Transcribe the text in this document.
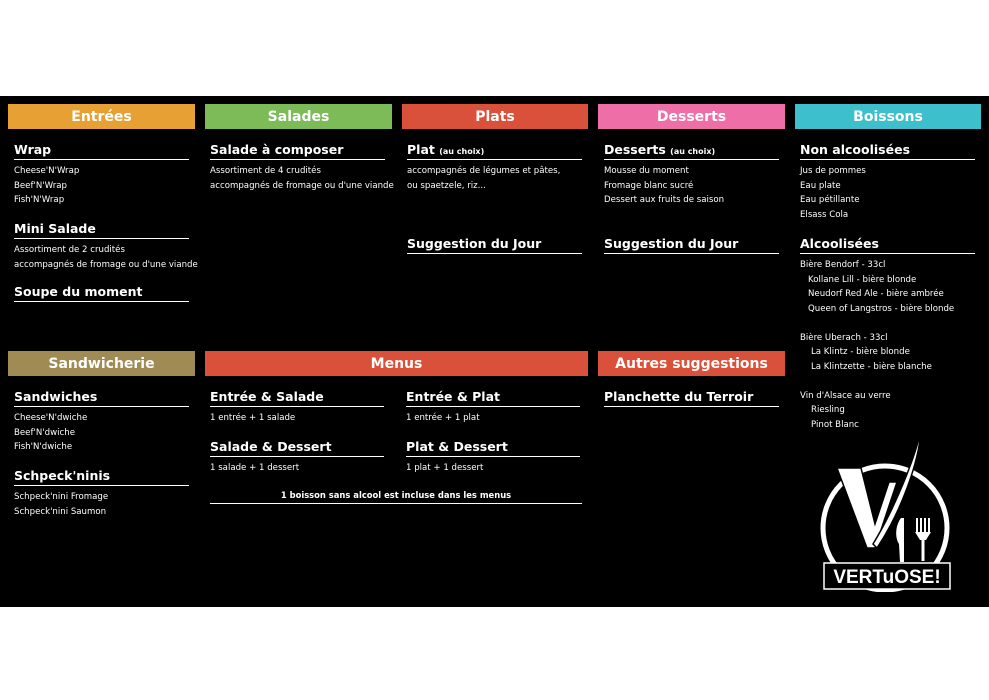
Entrées	Salades	Plats	Desserts	Boissons
Sandwicherie	Menus	Autres suggestions
Wrap
Cheese'N'Wrap
Beef'N'Wrap
Fish'N'Wrap
Mini Salade
Assortiment de 2 crudités
accompagnés de fromage ou d'une viande
Soupe du moment
Salade à composer
Assortiment de 4 crudités
accompagnés de fromage ou d'une viande
Plat (au choix)
accompagnés de légumes et pâtes,
ou spaetzele, riz...
Suggestion du Jour
Desserts (au choix)
Mousse du moment
Fromage blanc sucré
Dessert aux fruits de saison
Suggestion du Jour
Non alcoolisées
Jus de pommes
Eau plate
Eau pétillante
Elsass Cola
Alcoolisées
Bière Bendorf - 33cl
Kollane Lill - bière blonde
Neudorf Red Ale - bière ambrée
Queen of Langstros - bière blonde
Bière Uberach - 33cl
La Klintz - bière blonde
La Klintzette - bière blanche
Vin d'Alsace au verre
Riesling
Pinot Blanc
Sandwiches
Cheese'N'dwiche
Beef'N'dwiche
Fish'N'dwiche
Schpeck'ninis
Schpeck'nini Fromage
Schpeck'nini Saumon
Entrée & Salade
1 entrée + 1 salade
Entrée & Plat
1 entrée + 1 plat
Salade & Dessert
1 salade + 1 dessert
Plat & Dessert
1 plat + 1 dessert
1 boisson sans alcool est incluse dans les menus
Planchette du Terroir
VERTuOSE!
